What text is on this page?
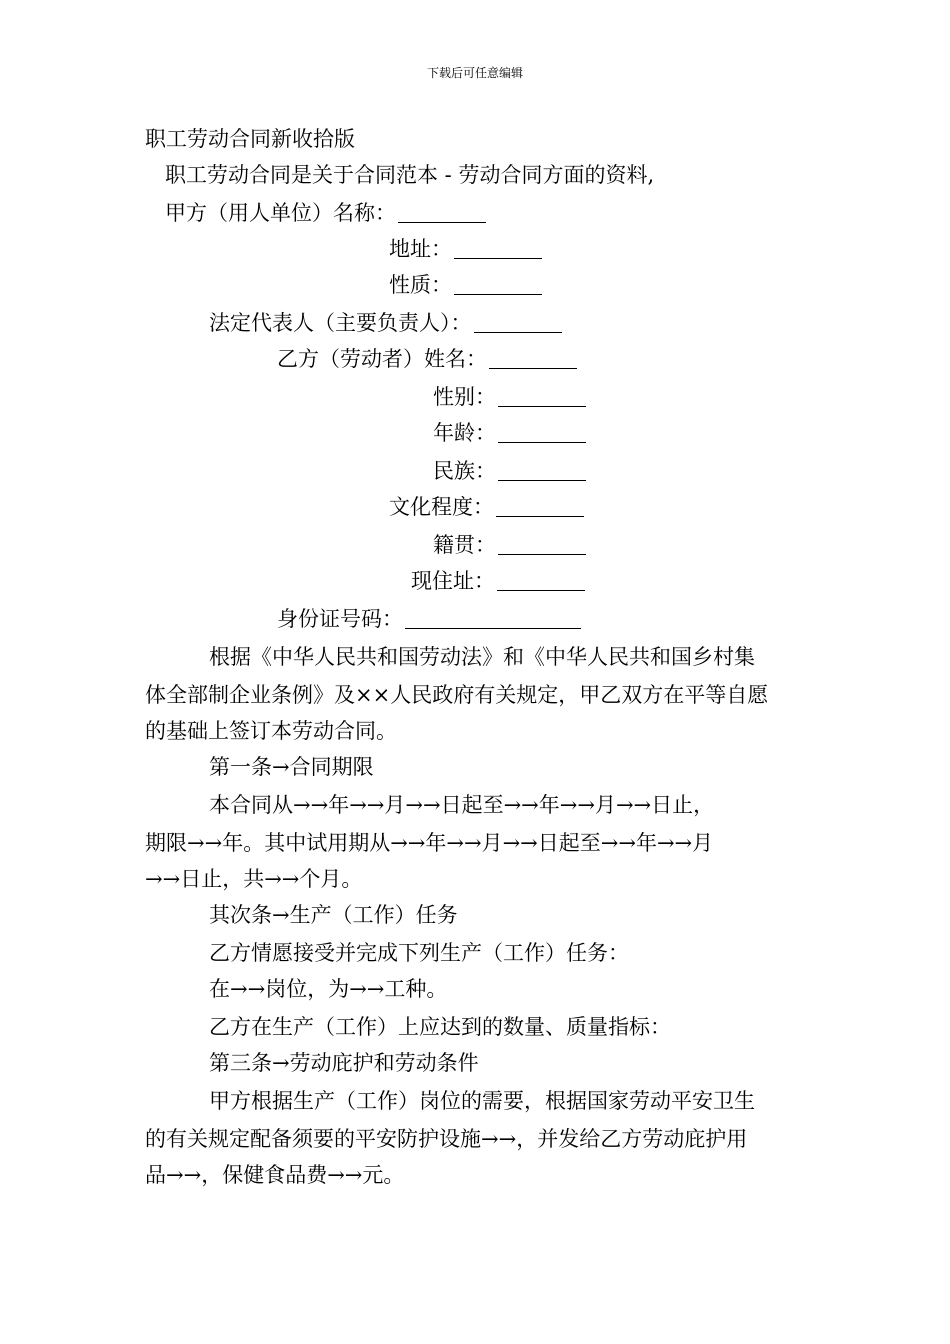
下载后可任意编辑
职工劳动合同新收拾版
职工劳动合同是关于合同范本 - 劳动合同方面的资料,
甲方（用人单位）名称：
地址：
性质：
法定代表人（主要负责人）：
乙方（劳动者）姓名：
性别：
年龄：
民族：
文化程度：
籍贯：
现住址：
身份证号码：
根据《中华人民共和国劳动法》和《中华人民共和国乡村集
体全部制企业条例》及××人民政府有关规定，甲乙双方在平等自愿
的基础上签订本劳动合同。
第一条→合同期限
本合同从→→年→→月→→日起至→→年→→月→→日止，
期限→→年。其中试用期从→→年→→月→→日起至→→年→→月
→→日止，共→→个月。
其次条→生产（工作）任务
乙方情愿接受并完成下列生产（工作）任务：
在→→岗位，为→→工种。
乙方在生产（工作）上应达到的数量、质量指标：
第三条→劳动庇护和劳动条件
甲方根据生产（工作）岗位的需要，根据国家劳动平安卫生
的有关规定配备须要的平安防护设施→→，并发给乙方劳动庇护用
品→→，保健食品费→→元。
